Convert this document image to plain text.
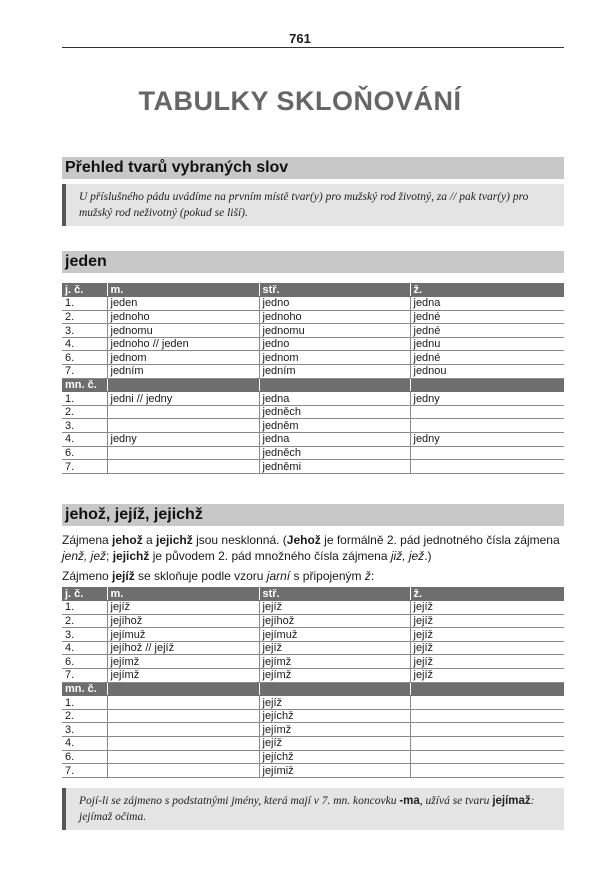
761
TABULKY SKLOŇOVÁNÍ
Přehled tvarů vybraných slov
U příslušného pádu uvádíme na prvním místě tvar(y) pro mužský rod životný, za // pak tvar(y) pro
mužský rod neživotný (pokud se liší).
jeden
j. č.	m.	stř.	ž.
1.	jeden	jedno	jedna
2.	jednoho	jednoho	jedné
3.	jednomu	jednomu	jedné
4.	jednoho // jeden	jedno	jednu
6.	jednom	jednom	jedné
7.	jedním	jedním	jednou
mn. č.			
1.	jedni // jedny	jedna	jedny
2.		jedněch	
3.		jedněm	
4.	jedny	jedna	jedny
6.		jedněch	
7.		jedněmi	
jehož, jejíž, jejichž
Zájmena jehož a jejichž jsou nesklonná. (Jehož je formálně 2. pád jednotného čísla zájmena
jenž, jež; jejichž je původem 2. pád množného čísla zájmena již, jež.)
Zájmeno jejíž se skloňuje podle vzoru jarní s připojeným ž:
j. č.	m.	stř.	ž.
1.	jejíž	jejíž	jejíž
2.	jejíhož	jejíhož	jejíž
3.	jejímuž	jejímuž	jejíž
4.	jejíhož // jejíž	jejíž	jejíž
6.	jejímž	jejímž	jejíž
7.	jejímž	jejímž	jejíž
mn. č.			
1.		jejíž	
2.		jejíchž	
3.		jejímž	
4.		jejíž	
6.		jejíchž	
7.		jejímiž	
Pojí-li se zájmeno s podstatnými jmény, která mají v 7. mn. koncovku -ma, užívá se tvaru jejímaž: jejímaž očima.
